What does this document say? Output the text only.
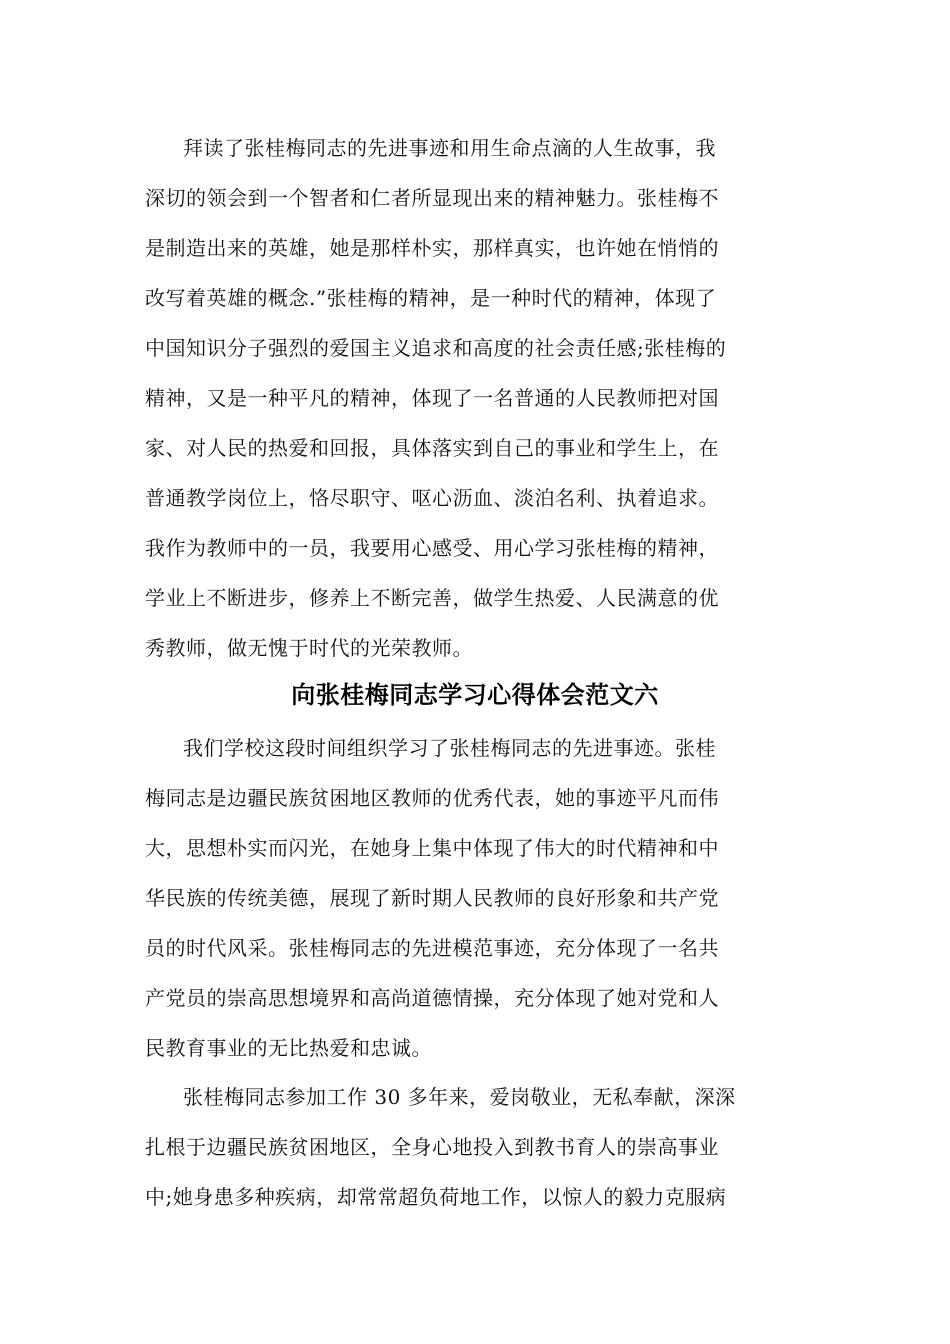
拜读了张桂梅同志的先进事迹和用生命点滴的人生故事，我
深切的领会到一个智者和仁者所显现出来的精神魅力。张桂梅不
是制造出来的英雄，她是那样朴实，那样真实，也许她在悄悄的
改写着英雄的概念.”张桂梅的精神，是一种时代的精神，体现了
中国知识分子强烈的爱国主义追求和高度的社会责任感;张桂梅的
精神，又是一种平凡的精神，体现了一名普通的人民教师把对国
家、对人民的热爱和回报，具体落实到自己的事业和学生上，在
普通教学岗位上，恪尽职守、呕心沥血、淡泊名利、执着追求。
我作为教师中的一员，我要用心感受、用心学习张桂梅的精神，
学业上不断进步，修养上不断完善，做学生热爱、人民满意的优
秀教师，做无愧于时代的光荣教师。
向张桂梅同志学习心得体会范文六
我们学校这段时间组织学习了张桂梅同志的先进事迹。张桂
梅同志是边疆民族贫困地区教师的优秀代表，她的事迹平凡而伟
大，思想朴实而闪光，在她身上集中体现了伟大的时代精神和中
华民族的传统美德，展现了新时期人民教师的良好形象和共产党
员的时代风采。张桂梅同志的先进模范事迹，充分体现了一名共
产党员的崇高思想境界和高尚道德情操，充分体现了她对党和人
民教育事业的无比热爱和忠诚。
张桂梅同志参加工作 30 多年来，爱岗敬业，无私奉献，深深
扎根于边疆民族贫困地区，全身心地投入到教书育人的崇高事业
中;她身患多种疾病，却常常超负荷地工作，以惊人的毅力克服病
